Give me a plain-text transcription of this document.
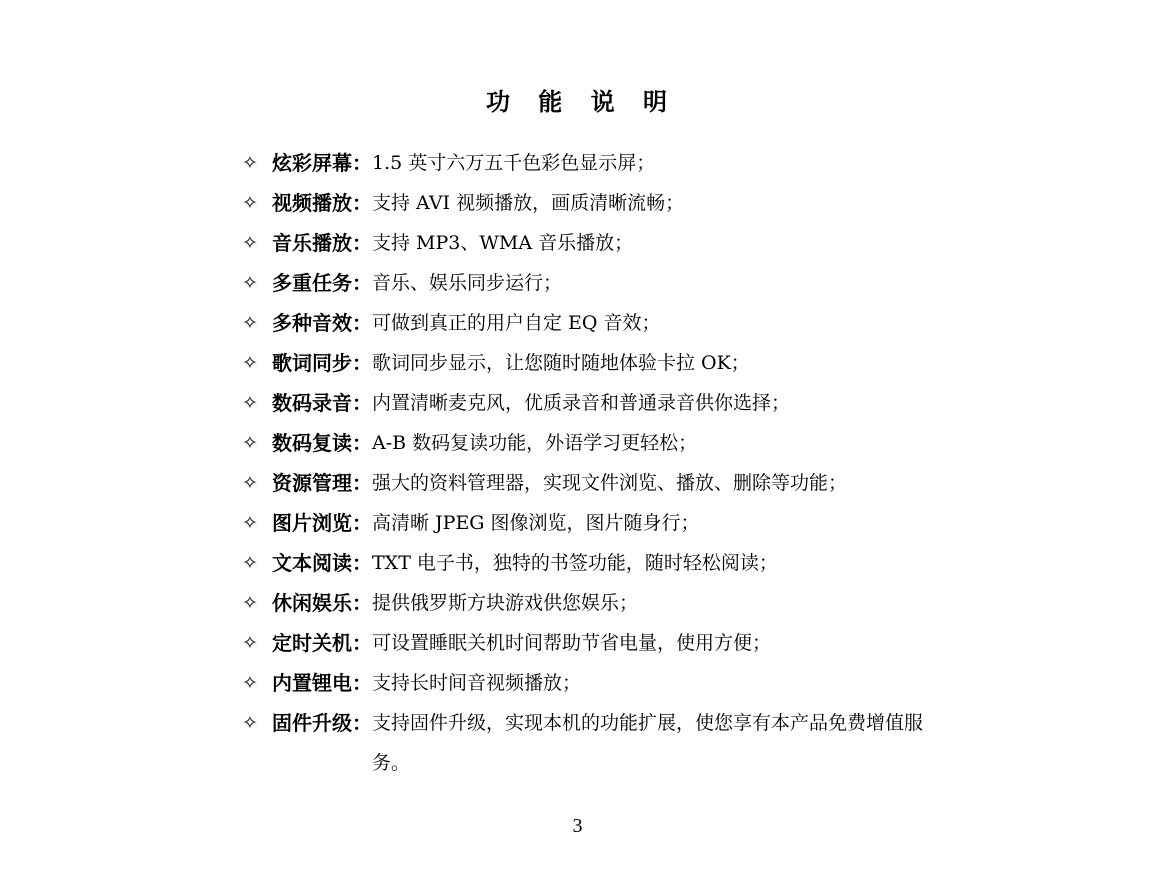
功 能 说 明
✧ 炫彩屏幕： 1.5 英寸六万五千色彩色显示屏；
✧ 视频播放： 支持 AVI 视频播放，画质清晰流畅；
✧ 音乐播放： 支持 MP3、WMA 音乐播放；
✧ 多重任务： 音乐、娱乐同步运行；
✧ 多种音效： 可做到真正的用户自定 EQ 音效；
✧ 歌词同步： 歌词同步显示，让您随时随地体验卡拉 OK；
✧ 数码录音： 内置清晰麦克风，优质录音和普通录音供你选择；
✧ 数码复读： A-B 数码复读功能，外语学习更轻松；
✧ 资源管理： 强大的资料管理器，实现文件浏览、播放、删除等功能；
✧ 图片浏览： 高清晰 JPEG 图像浏览，图片随身行；
✧ 文本阅读： TXT 电子书，独特的书签功能，随时轻松阅读；
✧ 休闲娱乐： 提供俄罗斯方块游戏供您娱乐；
✧ 定时关机： 可设置睡眠关机时间帮助节省电量，使用方便；
✧ 内置锂电： 支持长时间音视频播放；
✧ 固件升级： 支持固件升级，实现本机的功能扩展，使您享有本产品免费增值服务。
3
